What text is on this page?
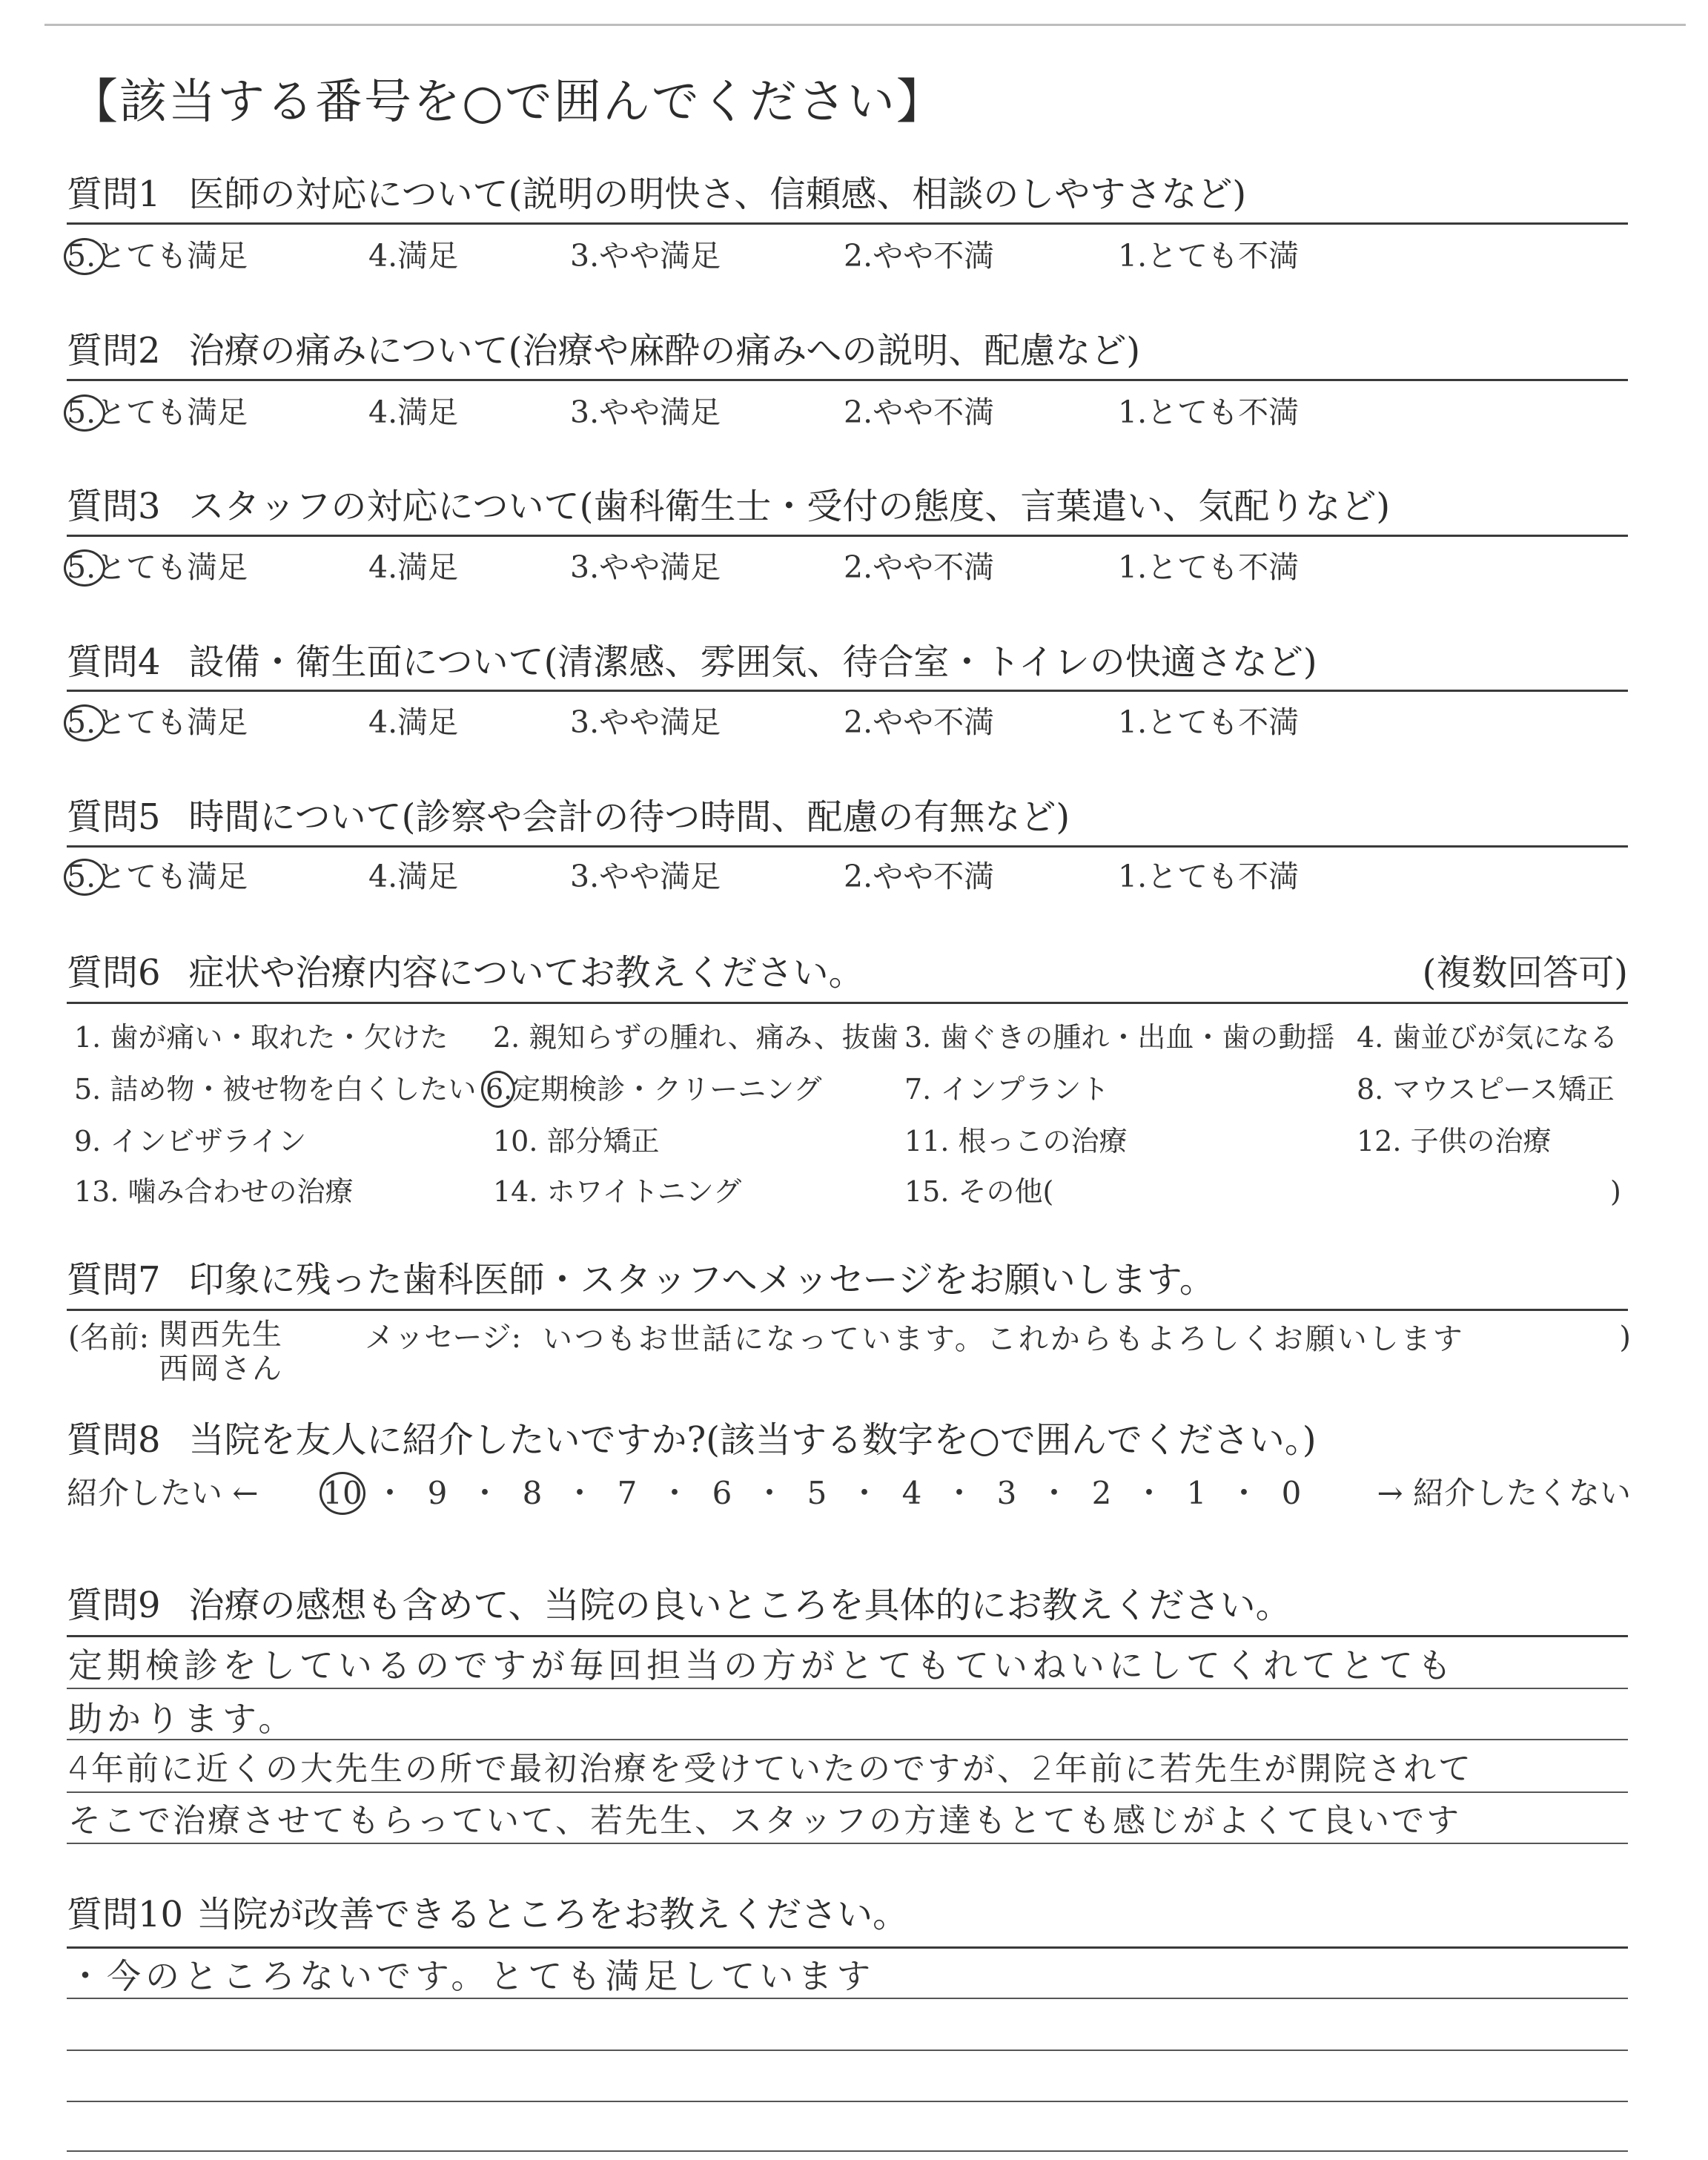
【該当する番号を○で囲んでください】
質問1 医師の対応について(説明の明快さ、信頼感、相談のしやすさなど)
5.とても満足	4.満足	3.やや満足	2.やや不満	1.とても不満
質問2 治療の痛みについて(治療や麻酔の痛みへの説明、配慮など)
5.とても満足	4.満足	3.やや満足	2.やや不満	1.とても不満
質問3 スタッフの対応について(歯科衛生士・受付の態度、言葉遣い、気配りなど)
5.とても満足	4.満足	3.やや満足	2.やや不満	1.とても不満
質問4 設備・衛生面について(清潔感、雰囲気、待合室・トイレの快適さなど)
5.とても満足	4.満足	3.やや満足	2.やや不満	1.とても不満
質問5 時間について(診察や会計の待つ時間、配慮の有無など)
5.とても満足	4.満足	3.やや満足	2.やや不満	1.とても不満
質問6 症状や治療内容についてお教えください。	(複数回答可)
1. 歯が痛い・取れた・欠けた 2. 親知らずの腫れ、痛み、抜歯 3. 歯ぐきの腫れ・出血・歯の動揺 4. 歯並びが気になる
5. 詰め物・被せ物を白くしたい 6.定期検診・クリーニング	7. インプラント	8. マウスピース矯正
9. インビザライン	10. 部分矯正	11. 根っこの治療	12. 子供の治療
13. 噛み合わせの治療	14. ホワイトニング	15. その他(	)
質問7 印象に残った歯科医師・スタッフへメッセージをお願いします。
(名前: 関西先生
西岡さん
メッセージ: いつもお世話になっています。これからもよろしくお願いします	)
質問8 当院を友人に紹介したいですか?(該当する数字を○で囲んでください。)
紹介したい ← 10 ・ 9 ・ 8 ・ 7 ・ 6 ・ 5 ・ 4 ・ 3 ・ 2 ・ 1 ・ 0 → 紹介したくない
質問9 治療の感想も含めて、当院の良いところを具体的にお教えください。
定期検診をしているのですが毎回担当の方がとてもていねいにしてくれてとても
助かります。
4年前に近くの大先生の所で最初治療を受けていたのですが、2年前に若先生が開院されて
そこで治療させてもらっていて、若先生、スタッフの方達もとても感じがよくて良いです
質問10 当院が改善できるところをお教えください。
・今のところないです。とても満足しています
